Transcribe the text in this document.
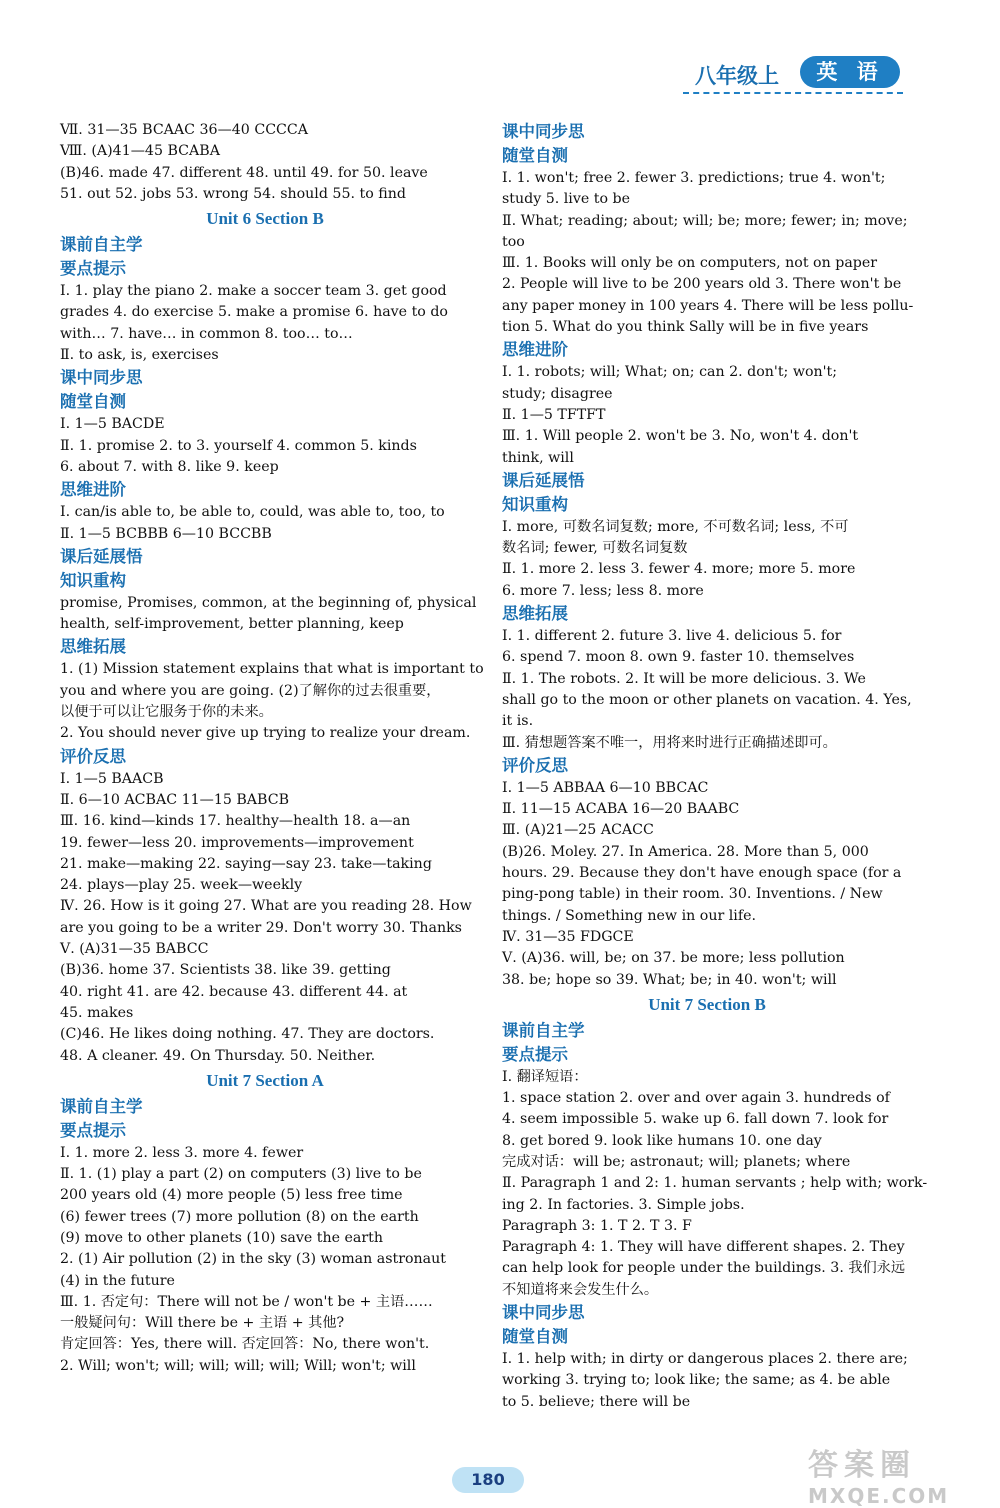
八年级上	英 语
Ⅶ. 31—35 BCAAC 36—40 CCCCA
Ⅷ. (A)41—45 BCABA
(B)46. made 47. different 48. until 49. for 50. leave
51. out 52. jobs 53. wrong 54. should 55. to find
Unit 6 Section B
课前自主学
要点提示
Ⅰ. 1. play the piano 2. make a soccer team 3. get good
grades 4. do exercise 5. make a promise 6. have to do
with… 7. have… in common 8. too… to…
Ⅱ. to ask, is, exercises
课中同步思
随堂自测
Ⅰ. 1—5 BACDE
Ⅱ. 1. promise 2. to 3. yourself 4. common 5. kinds
6. about 7. with 8. like 9. keep
思维进阶
Ⅰ. can/is able to, be able to, could, was able to, too, to
Ⅱ. 1—5 BCBBB 6—10 BCCBB
课后延展悟
知识重构
promise, Promises, common, at the beginning of, physical
health, self-improvement, better planning, keep
思维拓展
1. (1) Mission statement explains that what is important to
you and where you are going. (2)了解你的过去很重要，
以便于可以让它服务于你的未来。
2. You should never give up trying to realize your dream.
评价反思
Ⅰ. 1—5 BAACB
Ⅱ. 6—10 ACBAC 11—15 BABCB
Ⅲ. 16. kind—kinds 17. healthy—health 18. a—an
19. fewer—less 20. improvements—improvement
21. make—making 22. saying—say 23. take—taking
24. plays—play 25. week—weekly
Ⅳ. 26. How is it going 27. What are you reading 28. How
are you going to be a writer 29. Don't worry 30. Thanks
Ⅴ. (A)31—35 BABCC
(B)36. home 37. Scientists 38. like 39. getting
40. right 41. are 42. because 43. different 44. at
45. makes
(C)46. He likes doing nothing. 47. They are doctors.
48. A cleaner. 49. On Thursday. 50. Neither.
Unit 7 Section A
课前自主学
要点提示
Ⅰ. 1. more 2. less 3. more 4. fewer
Ⅱ. 1. (1) play a part (2) on computers (3) live to be
200 years old (4) more people (5) less free time
(6) fewer trees (7) more pollution (8) on the earth
(9) move to other planets (10) save the earth
2. (1) Air pollution (2) in the sky (3) woman astronaut
(4) in the future
Ⅲ. 1. 否定句：There will not be / won't be + 主语……
一般疑问句：Will there be + 主语 + 其他?
肯定回答：Yes, there will. 否定回答：No, there won't.
2. Will; won't; will; will; will; will; Will; won't; will
课中同步思
随堂自测
Ⅰ. 1. won't; free 2. fewer 3. predictions; true 4. won't;
study 5. live to be
Ⅱ. What; reading; about; will; be; more; fewer; in; move;
too
Ⅲ. 1. Books will only be on computers, not on paper
2. People will live to be 200 years old 3. There won't be
any paper money in 100 years 4. There will be less pollu-
tion 5. What do you think Sally will be in five years
思维进阶
Ⅰ. 1. robots; will; What; on; can 2. don't; won't;
study; disagree
Ⅱ. 1—5 TFTFT
Ⅲ. 1. Will people 2. won't be 3. No, won't 4. don't
think, will
课后延展悟
知识重构
Ⅰ. more, 可数名词复数; more, 不可数名词; less, 不可
数名词; fewer, 可数名词复数
Ⅱ. 1. more 2. less 3. fewer 4. more; more 5. more
6. more 7. less; less 8. more
思维拓展
Ⅰ. 1. different 2. future 3. live 4. delicious 5. for
6. spend 7. moon 8. own 9. faster 10. themselves
Ⅱ. 1. The robots. 2. It will be more delicious. 3. We
shall go to the moon or other planets on vacation. 4. Yes,
it is.
Ⅲ. 猜想题答案不唯一，用将来时进行正确描述即可。
评价反思
Ⅰ. 1—5 ABBAA 6—10 BBCAC
Ⅱ. 11—15 ACABA 16—20 BAABC
Ⅲ. (A)21—25 ACACC
(B)26. Moley. 27. In America. 28. More than 5, 000
hours. 29. Because they don't have enough space (for a
ping-pong table) in their room. 30. Inventions. / New
things. / Something new in our life.
Ⅳ. 31—35 FDGCE
Ⅴ. (A)36. will, be; on 37. be more; less pollution
38. be; hope so 39. What; be; in 40. won't; will
Unit 7 Section B
课前自主学
要点提示
Ⅰ. 翻译短语：
1. space station 2. over and over again 3. hundreds of
4. seem impossible 5. wake up 6. fall down 7. look for
8. get bored 9. look like humans 10. one day
完成对话：will be; astronaut; will; planets; where
Ⅱ. Paragraph 1 and 2: 1. human servants ; help with; work-
ing 2. In factories. 3. Simple jobs.
Paragraph 3: 1. T 2. T 3. F
Paragraph 4: 1. They will have different shapes. 2. They
can help look for people under the buildings. 3. 我们永远
不知道将来会发生什么。
课中同步思
随堂自测
Ⅰ. 1. help with; in dirty or dangerous places 2. there are;
working 3. trying to; look like; the same; as 4. be able
to 5. believe; there will be
180	答案圈
MXQE.COM
